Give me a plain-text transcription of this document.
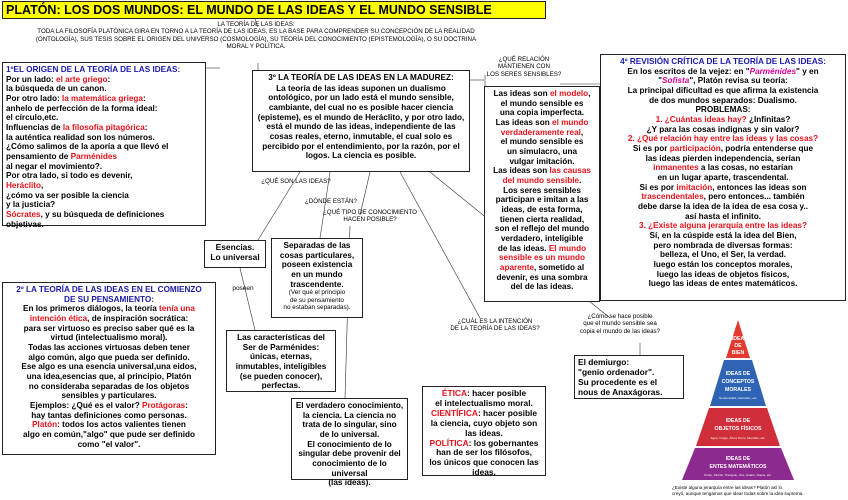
PLATÓN: LOS DOS MUNDOS: EL MUNDO DE LAS IDEAS Y EL MUNDO SENSIBLE
LA TEORÍA DE LAS IDEAS:
TODA LA FILOSOFÍA PLATÓNICA GIRA EN TORNO A LA TEORÍA DE LAS IDEAS, ES LA BASE PARA COMPRENDER SU CONCEPCIÓN DE LA REALIDAD
(ONTOLOGÍA), SUS TESIS SOBRE EL ORIGEN DEL UNIVERSO (COSMOLOGÍA), SU TEORÍA DEL CONOCIMIENTO (EPISTEMOLOGÍA), O SU DOCTRINA
MORAL Y POLÍTICA.
1ºEL ORIGEN DE LA TEORÍA DE LAS IDEAS:
Por un lado: el arte griego:
la búsqueda de un canon.
Por otro lado: la matemática griega:
anhelo de perfección de la forma ideal:
el círculo,etc.
Influencias de la filosofía pitagórica:
la auténtica realidad son los números.
¿Cómo salimos de la aporía a que llevó el
pensamiento de Parménides
al negar el movimiento?.
Por otra lado, si todo es devenir,
Heráclito,
¿cómo va ser posible la ciencia
y la justicia?
Sócrates, y su búsqueda de definiciones objetivas.
3º LA TEORÍA DE LAS IDEAS EN LA MADUREZ:
La teoría de las ideas suponen un dualismo ontológico, por un lado está el mundo sensible, cambiante, del cual no es posible hacer ciencia (episteme), es el mundo de Heráclito, y por otro lado, está el mundo de las ideas, independiente de las cosas reales, eterno, inmutable, el cual solo es percibido por el entendimiento, por la razón, por el logos. La ciencia es posible.
¿QUÉ RELACIÓN
MANTIENEN CON
LOS SERES SENSIBLES?
Las ideas son el modelo,
el mundo sensible es
una copia imperfecta.
Las ideas son el mundo
verdaderamente real,
el mundo sensible es
un simulacro, una
vulgar imitación.
Las ideas son las causas
del mundo sensible.
Los seres sensibles
participan e imitan a las
ideas, de esta forma,
tienen cierta realidad,
son el reflejo del mundo
verdadero, inteligible
de las ideas. El mundo
sensible es un mundo
aparente, sometido al
devenir, es una sombra
del de las ideas.
4º REVISIÓN CRÍTICA DE LA TEORÍA DE LAS IDEAS:
En los escritos de la vejez: en "Parménides" y en
"Sofista", Platón revisa su teoría:
La principal dificultad es que afirma la existencia
de dos mundos separados: Dualismo.
PROBLEMAS:
1. ¿Cuántas ideas hay? ¿Infinitas?
¿Y para las cosas indignas y sin valor?
2. ¿Qué relación hay entre las ideas y las cosas?
Si es por participación, podría entenderse que
las ideas pierden independencia, serían
inmanentes a las cosas, no estarían
en un lugar aparte, trascendental.
Si es por imitación, entonces las ideas son
trascendentales, pero entonces... también
debe darse la idea de la idea de esa cosa y..
así hasta el infinito.
3. ¿Existe alguna jerarquía entre las ideas?
Sí, en la cúspide está la idea del Bien,
pero nombrada de diversas formas:
belleza, el Uno, el Ser, la verdad.
luego están los conceptos morales,
luego las ideas de objetos físicos,
luego las ideas de entes matemáticos.
¿QUÉ SON LAS IDEAS?
¿DÓNDE ESTÁN?
¿QUÉ TIPO DE CONOCIMIENTO
HACEN POSIBLE?
Esencias.
Lo universal
poseen
Separadas de las
cosas particulares,
poseen existencia
en un mundo
trascendente.
(Ver qué el principio
de su pensamiento
no estaban separadas).
Las características del
Ser de Parménides:
únicas, eternas,
inmutables, inteligibles
(se pueden conocer),
perfectas.
2º LA TEORÍA DE LAS IDEAS EN EL COMIENZO
DE SU PENSAMIENTO:
En los primeros diálogos, la teoría tenía una
intención ética, de inspiración socrática:
para ser virtuoso es preciso saber qué es la
virtud (intelectualismo moral).
Todas las acciones virtuosas deben tener
algo común, algo que pueda ser definido.
Ese algo es una esencia universal,una eidos,
una idea,esencias que, al principio, Platón
no consideraba separadas de los objetos
sensibles y particulares.
Ejemplos: ¿Qué es el valor? Protágoras:
hay tantas definiciones como personas.
Platón: todos los actos valientes tienen
algo en común,"algo" que pude ser definido
como "el valor".
El verdadero conocimiento,
la ciencia. La ciencia no
trata de lo singular, sino
de lo universal.
El conocimiento de lo
singular debe provenir del
conocimiento de lo universal
(las ideas).
¿CUÁL ES LA INTENCIÓN
DE LA TEORÍA DE LAS IDEAS?
ÉTICA: hacer posible
el intelectualismo moral.
CIENTÍFICA: hacer posible
la ciencia, cuyo objeto son
las ideas.
POLÍTICA: los gobernantes
han de ser los filósofos,
los únicos que conocen las
ideas.
¿Cómo se hace posible
que el mundo sensible sea
copia el mundo de las ideas?
El demiurgo:
"genio ordenador".
Su procedente es el
nous de Anaxágoras.
IDEA
DE
BIEN
IDEAS DE
CONCEPTOS
MORALES
Generosidad, Honradez, etc.
IDEAS DE
OBJETOS FÍSICOS
Agua, Fuego, Árbol, Perro, Montaña, etc.
IDEAS DE
ENTES MATEMÁTICOS
Punto, Circulo, Triángulo, Uno, Cuatro, Nueve, etc.
¿Existe alguna jerarquía entre las ideas? Platón así lo
creyó, aunque tengamos que idear todas sobre la idea suprema.
